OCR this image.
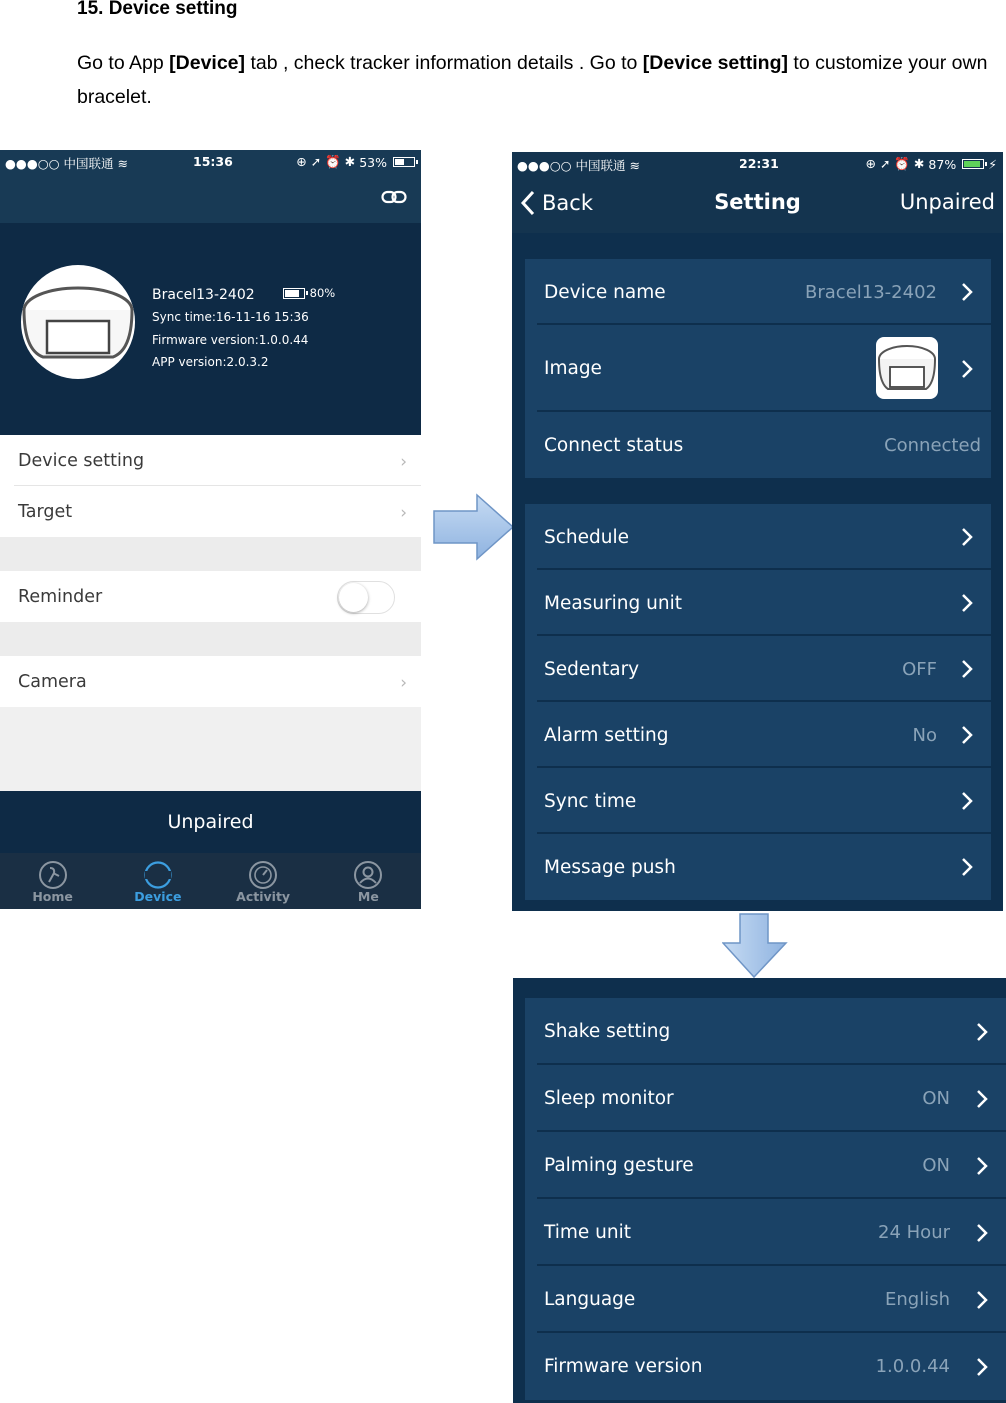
15. Device setting
Go to App [Device] tab , check tracker information details . Go to [Device setting] to customize your own bracelet.
●●●○○ 中国联通 ≋	15:36	⊕ ➚ ⏰ ✱ 53%
Bracel13-2402	80%
Sync time:16-11-16 15:36
Firmware version:1.0.0.44
APP version:2.0.3.2
Device setting	›
Target	›
Reminder
Camera	›
Unpaired
Home	Device	Activity	Me
●●●○○ 中国联通 ≋	22:31	⊕ ➚ ⏰ ✱ 87%	⚡
Back	Setting	Unpaired
Device name	Bracel13-2402
Image
Connect status	Connected
Schedule
Measuring unit
Sedentary	OFF
Alarm setting	No
Sync time
Message push
Shake setting
Sleep monitor	ON
Palming gesture	ON
Time unit	24 Hour
Language	English
Firmware version	1.0.0.44
